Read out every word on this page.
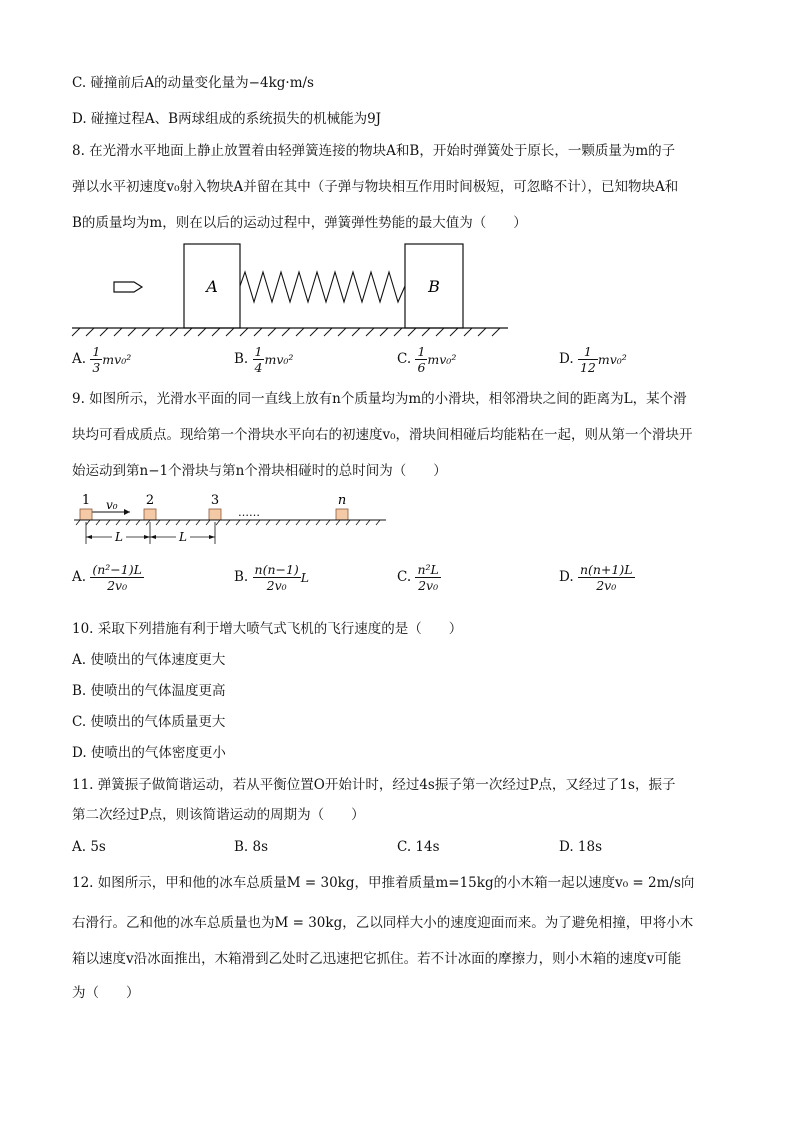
C. 碰撞前后A的动量变化量为−4kg·m/s
D. 碰撞过程A、B两球组成的系统损失的机械能为9J
8. 在光滑水平地面上静止放置着由轻弹簧连接的物块A和B，开始时弹簧处于原长，一颗质量为m的子
弹以水平初速度v₀射入物块A并留在其中（子弹与物块相互作用时间极短，可忽略不计），已知物块A和
B的质量均为m，则在以后的运动过程中，弹簧弹性势能的最大值为（　　）
A	B
A. $\frac{1}{3} mv_0^2$	B. $\frac{1}{4} mv_0^2$	C. $\frac{1}{6} mv_0^2$	D. $\frac{1}{12} mv_0^2$
9. 如图所示，光滑水平面的同一直线上放有n个质量均为m的小滑块，相邻滑块之间的距离为L，某个滑
块均可看成质点。现给第一个滑块水平向右的初速度v₀，滑块间相碰后均能粘在一起，则从第一个滑块开
始运动到第n−1个滑块与第n个滑块相碰时的总时间为（　　）
1	2	3	n
v₀
……
L	L
A. $\frac{\text{(n²−1)L}}{\text{2v₀}}$	B. $\frac{n(n-1)}{\text{2v₀}}$ L	C. $\frac{\text{n²L}}{\text{2v₀}}$	D. $\frac{n(n+1)L}{\text{2v₀}}$
10. 采取下列措施有利于增大喷气式飞机的飞行速度的是（　　）
A. 使喷出的气体速度更大
B. 使喷出的气体温度更高
C. 使喷出的气体质量更大
D. 使喷出的气体密度更小
11. 弹簧振子做简谐运动，若从平衡位置O开始计时，经过4s振子第一次经过P点，又经过了1s，振子
第二次经过P点，则该简谐运动的周期为（　　）
A. 5s	B. 8s	C. 14s	D. 18s
12. 如图所示，甲和他的冰车总质量M = 30kg，甲推着质量m=15kg的小木箱一起以速度v₀ = 2m/s向
右滑行。乙和他的冰车总质量也为M = 30kg，乙以同样大小的速度迎面而来。为了避免相撞，甲将小木
箱以速度v沿冰面推出，木箱滑到乙处时乙迅速把它抓住。若不计冰面的摩擦力，则小木箱的速度v可能
为（　　）
